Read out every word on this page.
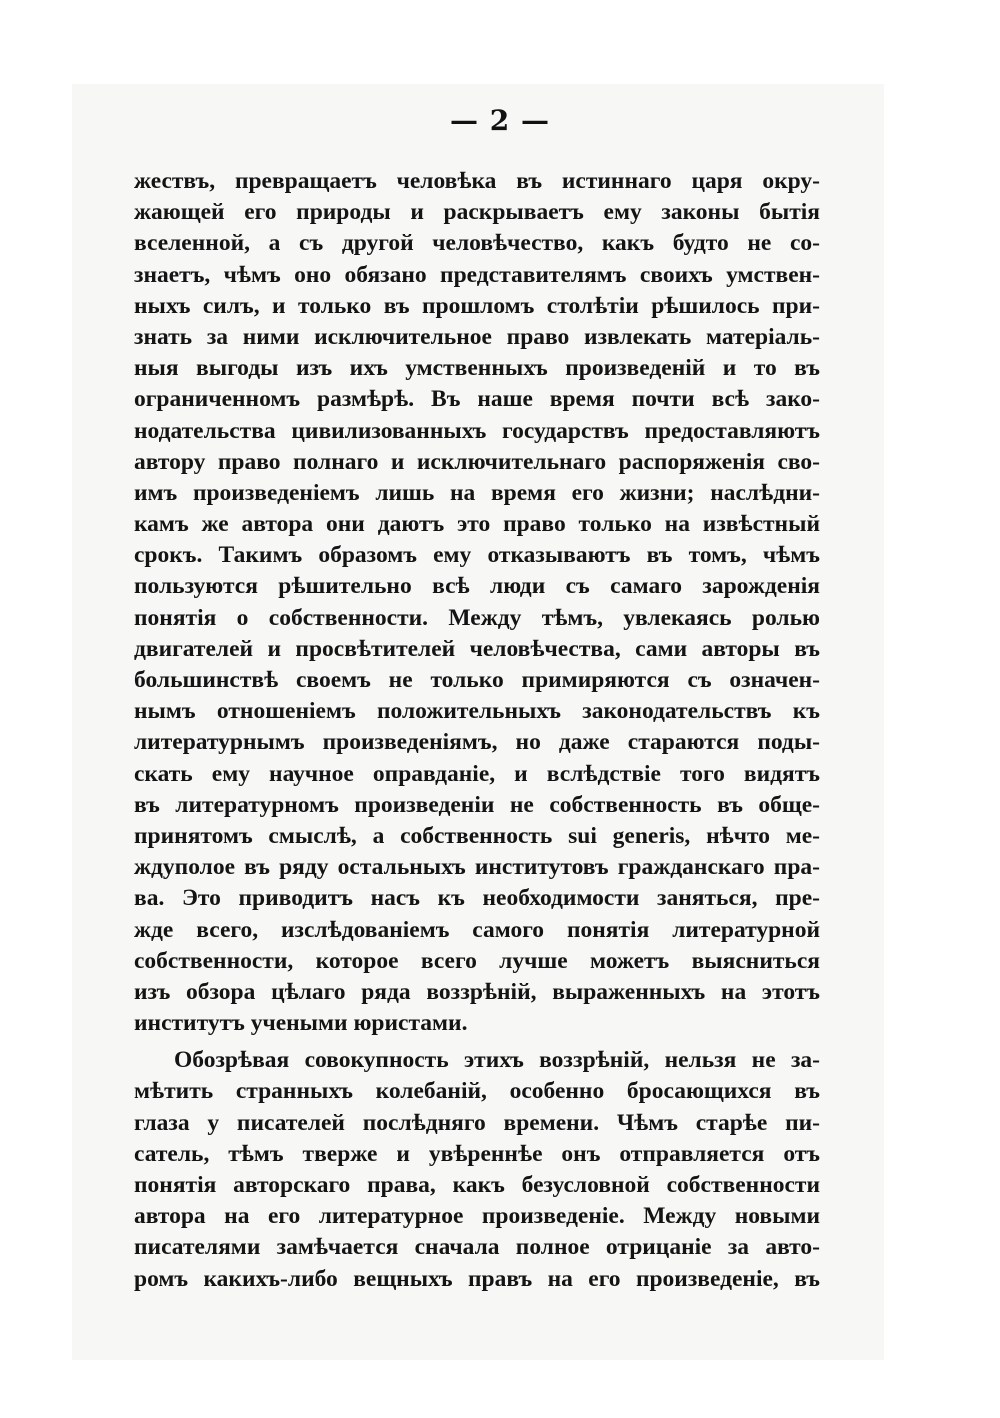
— 2 —
жествъ, превращаетъ человѣка въ истиннаго царя окру-
жающей его природы и раскрываетъ ему законы бытія
вселенной, а съ другой человѣчество, какъ будто не со-
знаетъ, чѣмъ оно обязано представителямъ своихъ умствен-
ныхъ силъ, и только въ прошломъ столѣтіи рѣшилось при-
знать за ними исключительное право извлекать матеріаль-
ныя выгоды изъ ихъ умственныхъ произведеній и то въ
ограниченномъ размѣрѣ. Въ наше время почти всѣ зако-
нодательства цивилизованныхъ государствъ предоставляютъ
автору право полнаго и исключительнаго распоряженія сво-
имъ произведеніемъ лишь на время его жизни; наслѣдни-
камъ же автора они даютъ это право только на извѣстный
срокъ. Такимъ образомъ ему отказываютъ въ томъ, чѣмъ
пользуются рѣшительно всѣ люди съ самаго зарожденія
понятія о собственности. Между тѣмъ, увлекаясь ролью
двигателей и просвѣтителей человѣчества, сами авторы въ
большинствѣ своемъ не только примиряются съ означен-
нымъ отношеніемъ положительныхъ законодательствъ къ
литературнымъ произведеніямъ, но даже стараются поды-
скать ему научное оправданіе, и вслѣдствіе того видятъ
въ литературномъ произведеніи не собственность въ обще-
принятомъ смыслѣ, а собственность sui generis, нѣчто ме-
ждуполое въ ряду остальныхъ институтовъ гражданскаго пра-
ва. Это приводитъ насъ къ необходимости заняться, пре-
жде всего, изслѣдованіемъ самого понятія литературной
собственности, которое всего лучше можетъ выясниться
изъ обзора цѣлаго ряда воззрѣній, выраженныхъ на этотъ
институтъ учеными юристами.
Обозрѣвая совокупность этихъ воззрѣній, нельзя не за-
мѣтить странныхъ колебаній, особенно бросающихся въ
глаза у писателей послѣдняго времени. Чѣмъ старѣе пи-
сатель, тѣмъ тверже и увѣреннѣе онъ отправляется отъ
понятія авторскаго права, какъ безусловной собственности
автора на его литературное произведеніе. Между новыми
писателями замѣчается сначала полное отрицаніе за авто-
ромъ какихъ-либо вещныхъ правъ на его произведеніе, въ
